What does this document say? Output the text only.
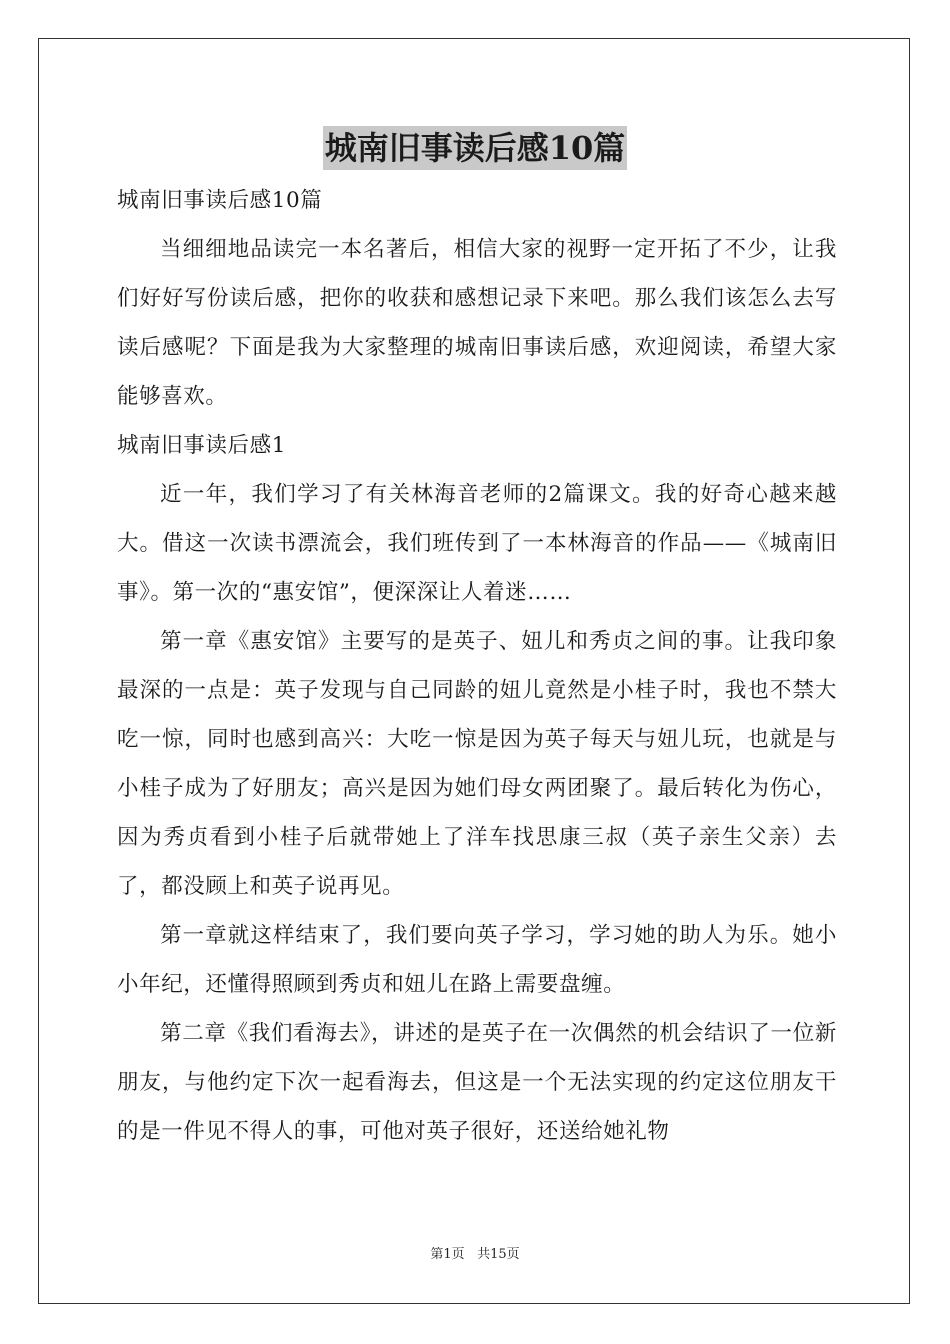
城南旧事读后感10篇

城南旧事读后感10篇

当细细地品读完一本名著后，相信大家的视野一定开拓了不少，让我们好好写份读后感，把你的收获和感想记录下来吧。那么我们该怎么去写读后感呢？下面是我为大家整理的城南旧事读后感，欢迎阅读，希望大家能够喜欢。

城南旧事读后感1

近一年，我们学习了有关林海音老师的2篇课文。我的好奇心越来越大。借这一次读书漂流会，我们班传到了一本林海音的作品——《城南旧事》。第一次的“惠安馆”，便深深让人着迷……

第一章《惠安馆》主要写的是英子、妞儿和秀贞之间的事。让我印象最深的一点是：英子发现与自己同龄的妞儿竟然是小桂子时，我也不禁大吃一惊，同时也感到高兴：大吃一惊是因为英子每天与妞儿玩，也就是与小桂子成为了好朋友；高兴是因为她们母女两团聚了。最后转化为伤心，因为秀贞看到小桂子后就带她上了洋车找思康三叔（英子亲生父亲）去了，都没顾上和英子说再见。

第一章就这样结束了，我们要向英子学习，学习她的助人为乐。她小小年纪，还懂得照顾到秀贞和妞儿在路上需要盘缠。

第二章《我们看海去》，讲述的是英子在一次偶然的机会结识了一位新朋友，与他约定下次一起看海去，但这是一个无法实现的约定这位朋友干的是一件见不得人的事，可他对英子很好，还送给她礼物

第1页 共15页
